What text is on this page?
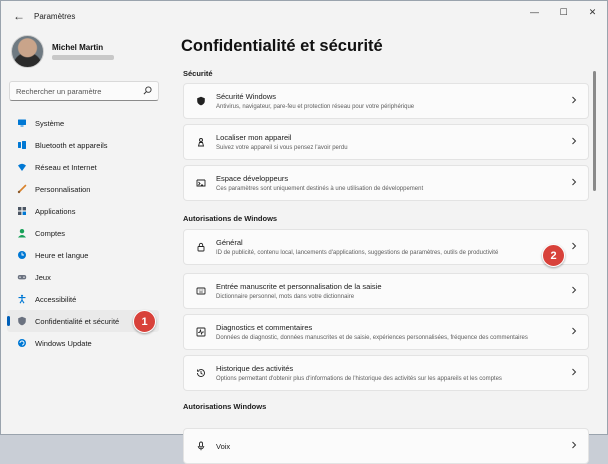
← Paramètres	— ☐ ✕
Michel Martin
Rechercher un paramètre
Système
Bluetooth et appareils
Réseau et Internet
Personnalisation
Applications
Comptes
Heure et langue
Jeux
Accessibilité
Confidentialité et sécurité
Windows Update
Confidentialité et sécurité
Sécurité
Autorisations de Windows
Autorisations Windows
Sécurité Windows
Antivirus, navigateur, pare-feu et protection réseau pour votre périphérique
Localiser mon appareil
Suivez votre appareil si vous pensez l'avoir perdu
Espace développeurs
Ces paramètres sont uniquement destinés à une utilisation de développement
Général
ID de publicité, contenu local, lancements d'applications, suggestions de paramètres, outils de productivité
Entrée manuscrite et personnalisation de la saisie
Dictionnaire personnel, mots dans votre dictionnaire
Diagnostics et commentaires
Données de diagnostic, données manuscrites et de saisie, expériences personnalisées, fréquence des commentaires
Historique des activités
Options permettant d'obtenir plus d'informations de l'historique des activités sur les appareils et les comptes
Voix
1
2
